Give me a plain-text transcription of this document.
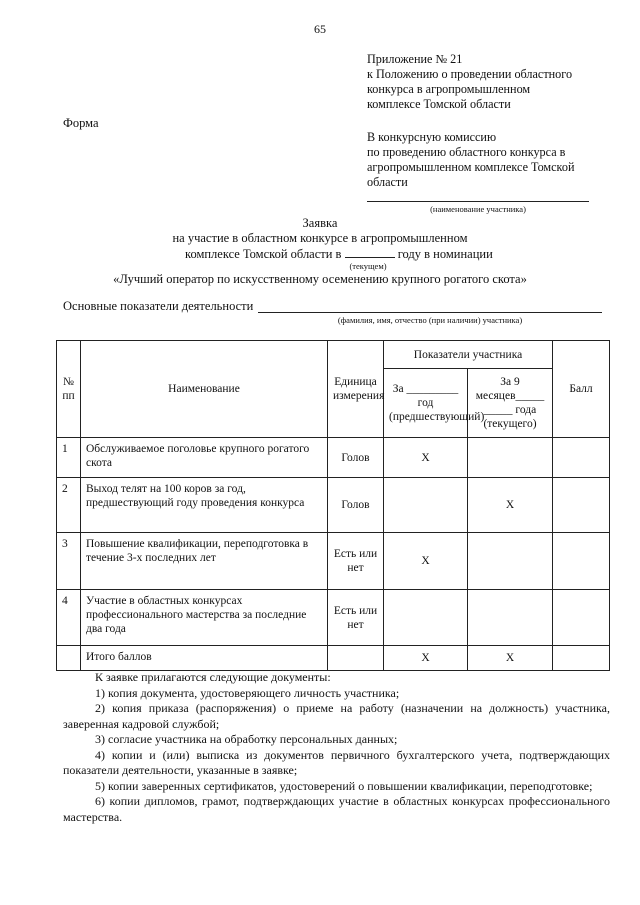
65
Приложение № 21
к Положению о проведении областного
конкурса в агропромышленном
комплексе Томской области
Форма
В конкурсную комиссию
по проведению областного конкурса в
агропромышленном комплексе Томской
области
(наименование участника)
Заявка
на участие в областном конкурсе в агропромышленном
комплексе Томской области в	году в номинации
(текущем)
«Лучший оператор по искусственному осеменению крупного рогатого скота»
Основные показатели деятельности
(фамилия, имя, отчество (при наличии) участника)
№ пп	Наименование	Единица измерения	Показатели участника		Балл
			За _________ год (предшествующий)	За 9 месяцев_____ _____ года (текущего)	
1	Обслуживаемое поголовье крупного рогатого скота	Голов	X		
2	Выход телят на 100 коров за год, предшествующий году проведения конкурса	Голов		X	
3	Повышение квалификации, переподготовка в течение 3-х последних лет	Есть или нет	X		
4	Участие в областных конкурсах профессионального мастерства за последние два года	Есть или нет			
	Итого баллов		X	X	

К заявке прилагаются следующие документы:

1) копия документа, удостоверяющего личность участника;

2) копия приказа (распоряжения) о приеме на работу (назначении на должность) участника, заверенная кадровой службой;

3) согласие участника на обработку персональных данных;

4) копии и (или) выписка из документов первичного бухгалтерского учета, подтверждающих показатели деятельности, указанные в заявке;

5) копии заверенных сертификатов, удостоверений о повышении квалификации, переподготовке;

6) копии дипломов, грамот, подтверждающих участие в областных конкурсах профессионального мастерства.
